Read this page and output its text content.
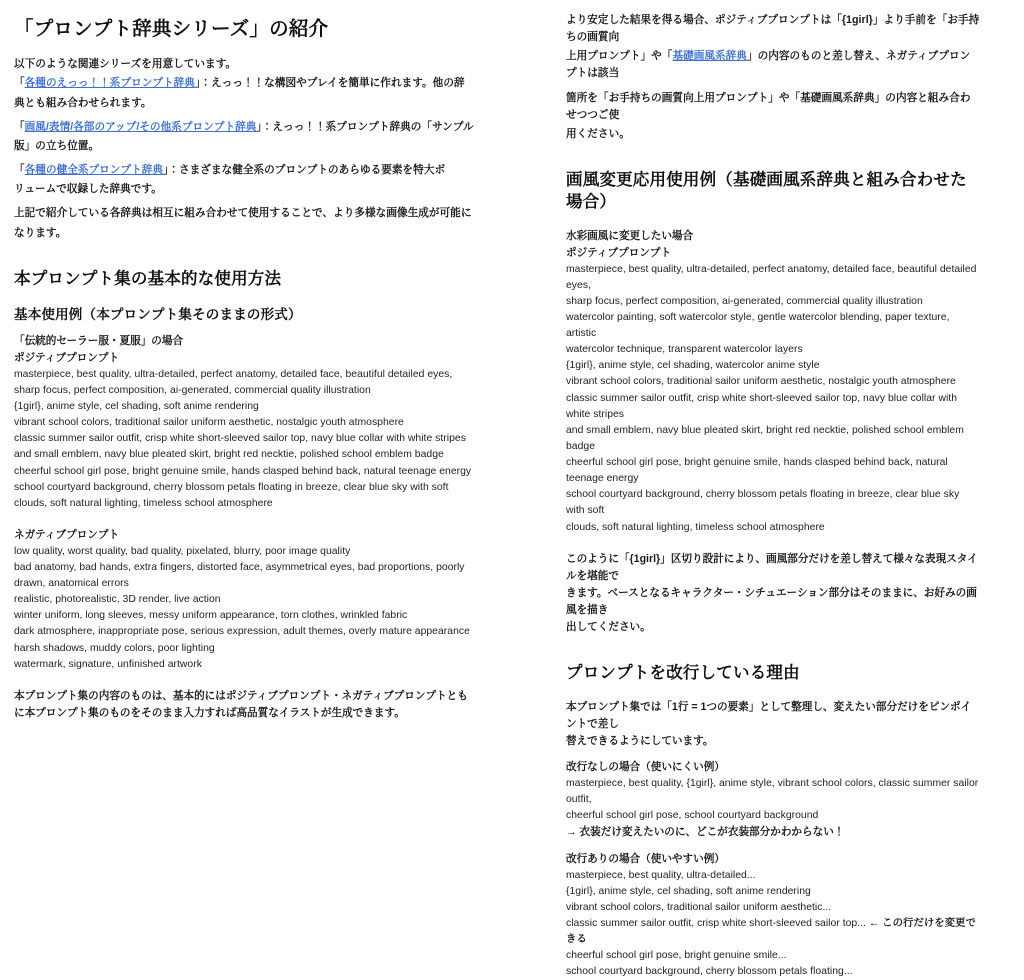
「プロンプト辞典シリーズ」の紹介

以下のような関連シリーズを用意しています。

「各種のえっっ！！系プロンプト辞典」：えっっ！！な構図やプレイを簡単に作れます。他の辞

典とも組み合わせられます。

「画風/表情/各部のアップ/その他系プロンプト辞典」：えっっ！！系プロンプト辞典の「サンプル

版」の立ち位置。

「各種の健全系プロンプト辞典」：さまざまな健全系のプロンプトのあらゆる要素を特大ボ

リュームで収録した辞典です。

上記で紹介している各辞典は相互に組み合わせて使用することで、より多様な画像生成が可能に

なります。

本プロンプト集の基本的な使用方法
基本使用例（本プロンプト集そのままの形式）

「伝統的セーラー服・夏服」の場合

ポジティブプロンプト

masterpiece, best quality, ultra-detailed, perfect anatomy, detailed face, beautiful detailed eyes,
sharp focus, perfect composition, ai-generated, commercial quality illustration
{1girl}, anime style, cel shading, soft anime rendering
vibrant school colors, traditional sailor uniform aesthetic, nostalgic youth atmosphere
classic summer sailor outfit, crisp white short-sleeved sailor top, navy blue collar with white stripes
and small emblem, navy blue pleated skirt, bright red necktie, polished school emblem badge
cheerful school girl pose, bright genuine smile, hands clasped behind back, natural teenage energy
school courtyard background, cherry blossom petals floating in breeze, clear blue sky with soft
clouds, soft natural lighting, timeless school atmosphere

ネガティブプロンプト

low quality, worst quality, bad quality, pixelated, blurry, poor image quality
bad anatomy, bad hands, extra fingers, distorted face, asymmetrical eyes, bad proportions, poorly
drawn, anatomical errors
realistic, photorealistic, 3D render, live action
winter uniform, long sleeves, messy uniform appearance, torn clothes, wrinkled fabric
dark atmosphere, inappropriate pose, serious expression, adult themes, overly mature appearance
harsh shadows, muddy colors, poor lighting
watermark, signature, unfinished artwork

本プロンプト集の内容のものは、基本的にはポジティブプロンプト・ネガティブプロンプトとも

に本プロンプト集のものをそのまま入力すれば高品質なイラストが生成できます。

より安定した結果を得る場合、ポジティブプロンプトは「{1girl}」より手前を「お手持ちの画質向

上用プロンプト」や「基礎画風系辞典」の内容のものと差し替え、ネガティブプロンプトは該当

箇所を「お手持ちの画質向上用プロンプト」や「基礎画風系辞典」の内容と組み合わせつつご使

用ください。

画風変更応用使用例（基礎画風系辞典と組み合わせた場合）

水彩画風に変更したい場合

ポジティブプロンプト

masterpiece, best quality, ultra-detailed, perfect anatomy, detailed face, beautiful detailed eyes,
sharp focus, perfect composition, ai-generated, commercial quality illustration
watercolor painting, soft watercolor style, gentle watercolor blending, paper texture, artistic
watercolor technique, transparent watercolor layers
{1girl}, anime style, cel shading, watercolor anime style
vibrant school colors, traditional sailor uniform aesthetic, nostalgic youth atmosphere
classic summer sailor outfit, crisp white short-sleeved sailor top, navy blue collar with white stripes
and small emblem, navy blue pleated skirt, bright red necktie, polished school emblem badge
cheerful school girl pose, bright genuine smile, hands clasped behind back, natural teenage energy
school courtyard background, cherry blossom petals floating in breeze, clear blue sky with soft
clouds, soft natural lighting, timeless school atmosphere

このように「{1girl}」区切り設計により、画風部分だけを差し替えて様々な表現スタイルを堪能で

きます。ベースとなるキャラクター・シチュエーション部分はそのままに、お好みの画風を描き

出してください。

プロンプトを改行している理由

本プロンプト集では「1行 = 1つの要素」として整理し、変えたい部分だけをピンポイントで差し

替えできるようにしています。

改行なしの場合（使いにくい例）

masterpiece, best quality, {1girl}, anime style, vibrant school colors, classic summer sailor outfit,
cheerful school girl pose, school courtyard background

→ 衣装だけ変えたいのに、どこが衣装部分かわからない！

改行ありの場合（使いやすい例）

masterpiece, best quality, ultra-detailed...
{1girl}, anime style, cel shading, soft anime rendering
vibrant school colors, traditional sailor uniform aesthetic...
classic summer sailor outfit, crisp white short-sleeved sailor top... ← この行だけを変更できる
cheerful school girl pose, bright genuine smile...
school courtyard background, cherry blossom petals floating...
